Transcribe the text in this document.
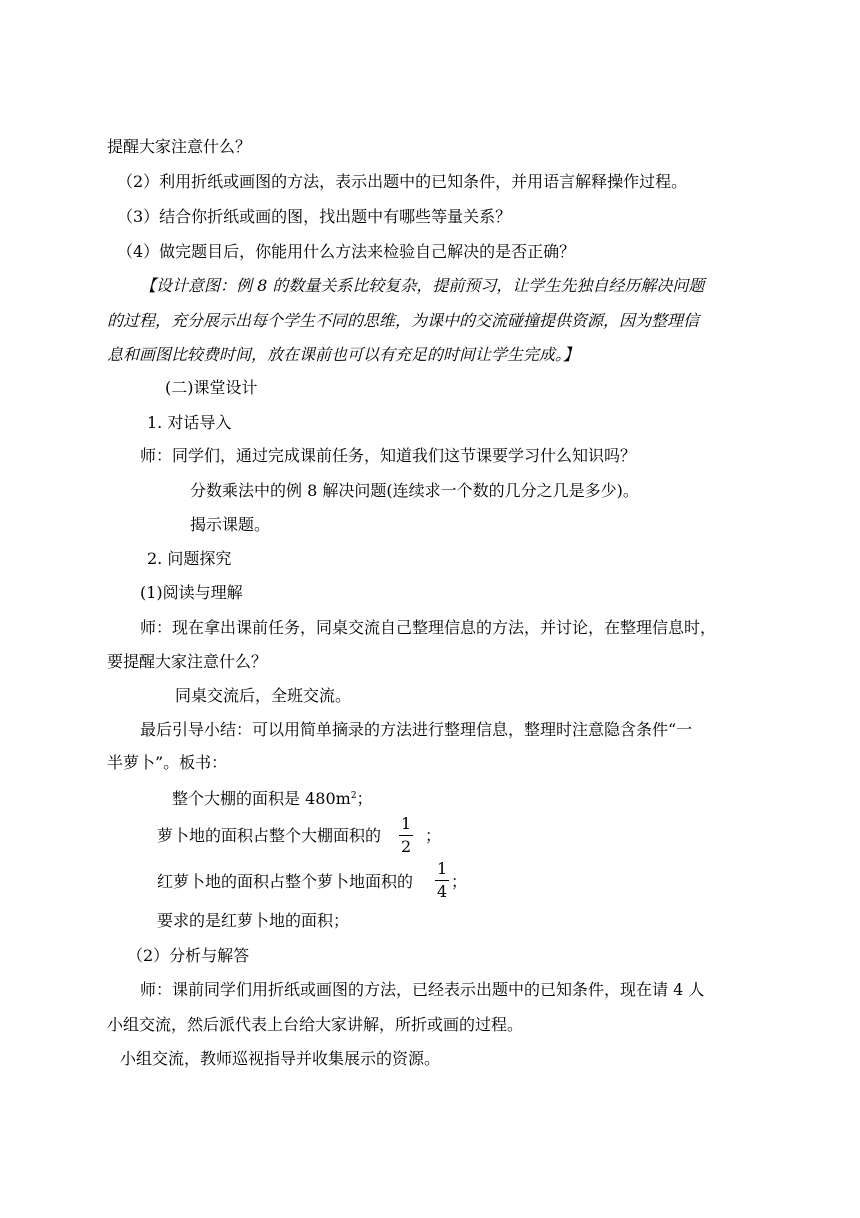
提醒大家注意什么？
（2）利用折纸或画图的方法，表示出题中的已知条件，并用语言解释操作过程。
（3）结合你折纸或画的图，找出题中有哪些等量关系？
（4）做完题目后，你能用什么方法来检验自己解决的是否正确？
【设计意图：例 8 的数量关系比较复杂，提前预习，让学生先独自经历解决问题
的过程，充分展示出每个学生不同的思维，为课中的交流碰撞提供资源，因为整理信
息和画图比较费时间，放在课前也可以有充足的时间让学生完成。】
(二)课堂设计
1. 对话导入
师：同学们，通过完成课前任务，知道我们这节课要学习什么知识吗？
分数乘法中的例 8 解决问题(连续求一个数的几分之几是多少)。
揭示课题。
2. 问题探究
(1)阅读与理解
师：现在拿出课前任务，同桌交流自己整理信息的方法，并讨论，在整理信息时，
要提醒大家注意什么？
同桌交流后，全班交流。
最后引导小结：可以用简单摘录的方法进行整理信息，整理时注意隐含条件“一
半萝卜”。板书：
整个大棚的面积是 $480m^2$；
萝卜地的面积占整个大棚面积的
1
2
；
红萝卜地的面积占整个萝卜地面积的
1
4
；
要求的是红萝卜地的面积；
（2）分析与解答
师：课前同学们用折纸或画图的方法，已经表示出题中的已知条件，现在请 4 人
小组交流，然后派代表上台给大家讲解，所折或画的过程。
小组交流，教师巡视指导并收集展示的资源。
